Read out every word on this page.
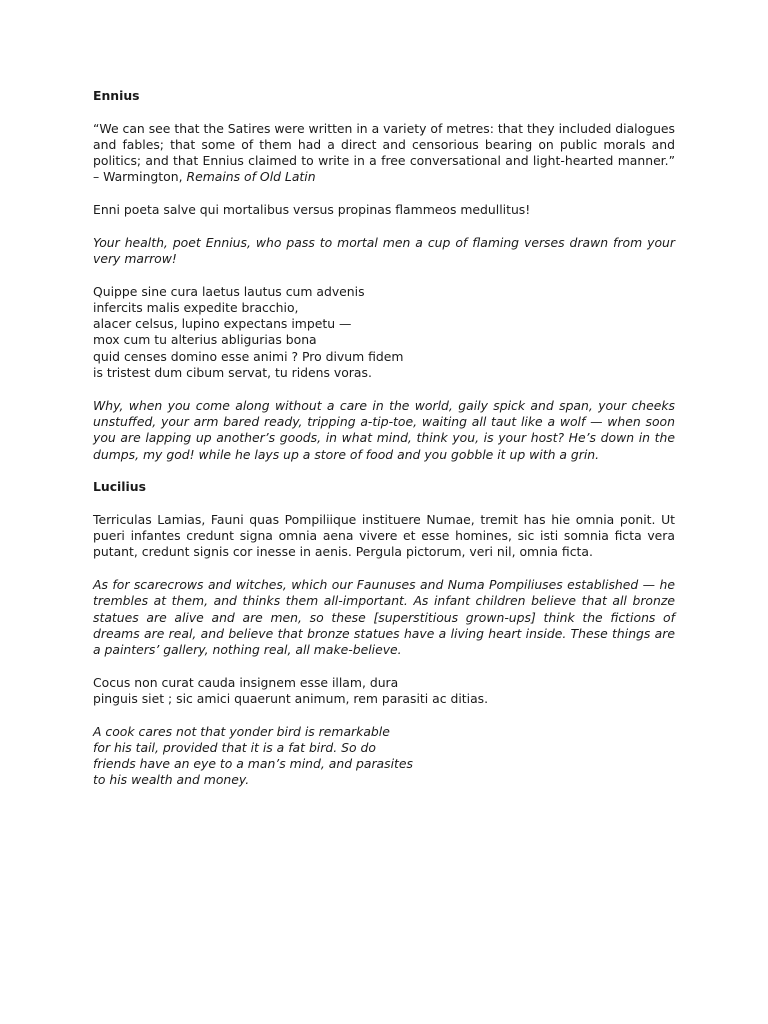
Ennius

“We can see that the Satires were written in a variety of metres: that they included dialogues and fables; that some of them had a direct and censorious bearing on public morals and politics; and that Ennius claimed to write in a free conversational and light-hearted manner.” – Warmington, Remains of Old Latin

Enni poeta salve qui mortalibus versus propinas flammeos medullitus!

Your health, poet Ennius, who pass to mortal men a cup of flaming verses drawn from your very marrow!

Quippe sine cura laetus lautus cum advenis
infercits malis expedite bracchio,
alacer celsus, lupino expectans impetu —
mox cum tu alterius abligurias bona
quid censes domino esse animi ? Pro divum fidem
is tristest dum cibum servat, tu ridens voras.

Why, when you come along without a care in the world, gaily spick and span, your cheeks unstuffed, your arm bared ready, tripping a-tip-toe, waiting all taut like a wolf — when soon you are lapping up another’s goods, in what mind, think you, is your host? He’s down in the dumps, my god! while he lays up a store of food and you gobble it up with a grin.

Lucilius

Terriculas Lamias, Fauni quas Pompiliique instituere Numae, tremit has hie omnia ponit. Ut pueri infantes credunt signa omnia aena vivere et esse homines, sic isti somnia ficta vera putant, credunt signis cor inesse in aenis. Pergula pictorum, veri nil, omnia ficta.

As for scarecrows and witches, which our Faunuses and Numa Pompiliuses established — he trembles at them, and thinks them all-important. As infant children believe that all bronze statues are alive and are men, so these [superstitious grown-ups] think the fictions of dreams are real, and believe that bronze statues have a living heart inside. These things are a painters’ gallery, nothing real, all make-believe.

Cocus non curat cauda insignem esse illam, dura
pinguis siet ; sic amici quaerunt animum, rem parasiti ac ditias.
A cook cares not that yonder bird is remarkable
for his tail, provided that it is a fat bird. So do
friends have an eye to a man’s mind, and parasites
to his wealth and money.
